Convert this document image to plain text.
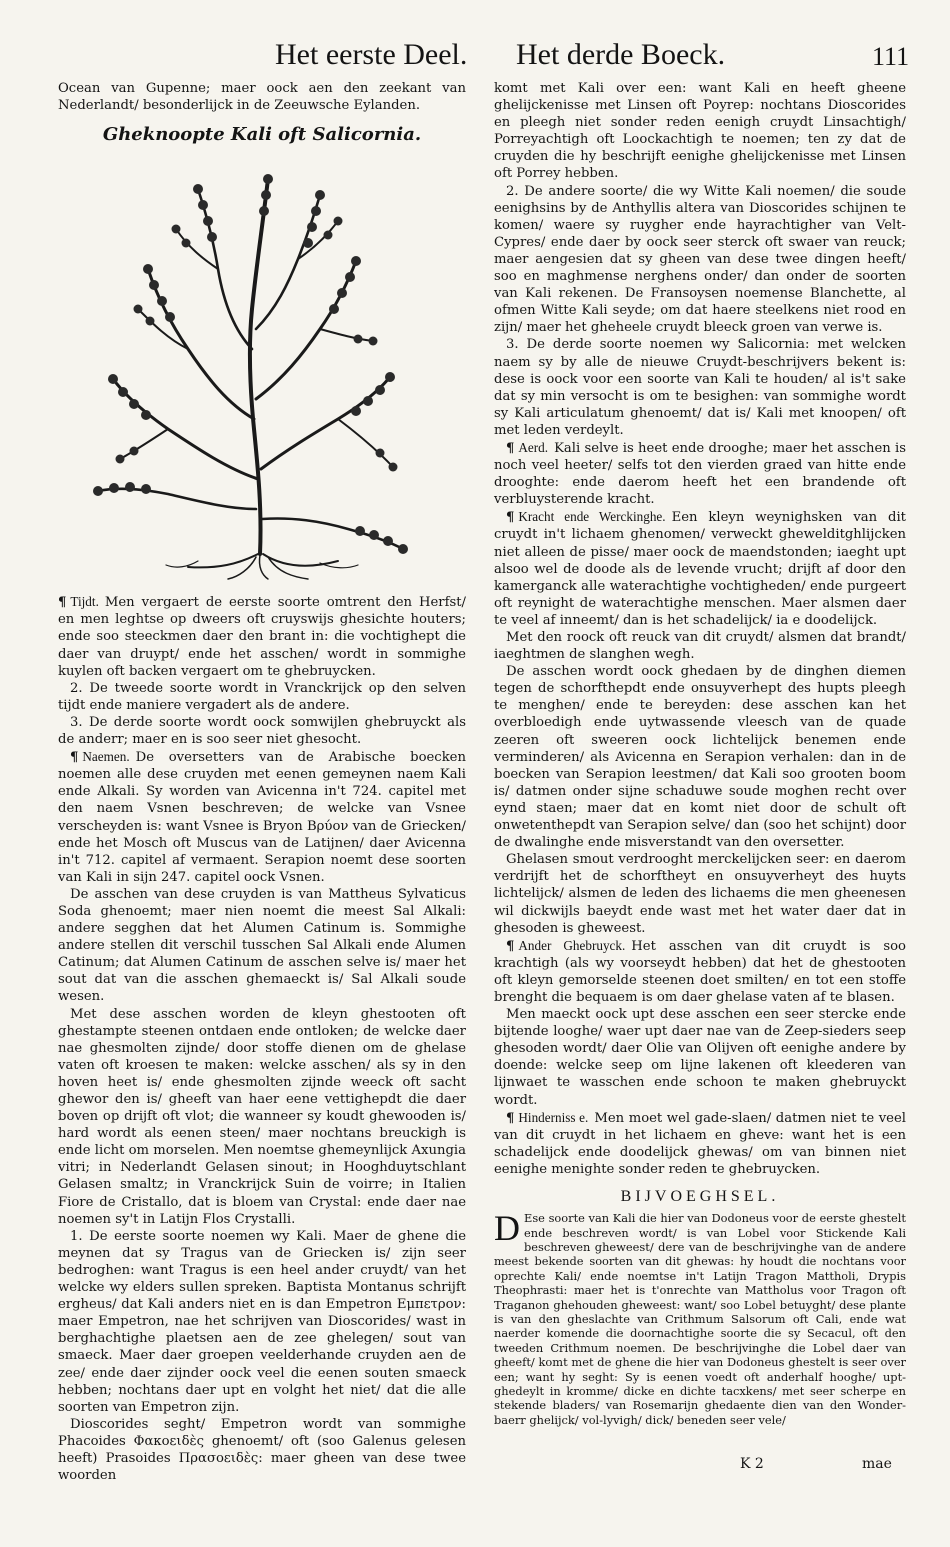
Het eerste Deel. Het derde Boeck.	111

Ocean van Gupenne; maer oock aen den zeekant van Nederlandt/ besonderlijck in de Zeeuwsche Eylanden.

Gheknoopte Kali oft Salicornia.

¶ Tijdt. Men vergaert de eerste soorte omtrent den Herfst/ en men leghtse op dweers oft cruyswijs ghesichte houters; ende soo steeckmen daer den brant in: die vochtighept die daer van druypt/ ende het asschen/ wordt in sommighe kuylen oft backen vergaert om te ghebruycken.

2. De tweede soorte wordt in Vranckrijck op den selven tijdt ende maniere vergadert als de andere.

3. De derde soorte wordt oock somwijlen ghebruyckt als de anderr; maer en is soo seer niet ghesocht.

¶ Naemen. De oversetters van de Arabische boecken noemen alle dese cruyden met eenen gemeynen naem Kali ende Alkali. Sy worden van Avicenna in't 724. capitel met den naem Vsnen beschreven; de welcke van Vsnee verscheyden is: want Vsnee is Bryon Βρύον van de Griecken/ ende het Mosch oft Muscus van de Latijnen/ daer Avicenna in't 712. capitel af vermaent. Serapion noemt dese soorten van Kali in sijn 247. capitel oock Vsnen.

De asschen van dese cruyden is van Mattheus Sylvaticus Soda ghenoemt; maer nien noemt die meest Sal Alkali: andere segghen dat het Alumen Catinum is. Sommighe andere stellen dit verschil tusschen Sal Alkali ende Alumen Catinum; dat Alumen Catinum de asschen selve is/ maer het sout dat van die asschen ghemaeckt is/ Sal Alkali soude wesen.

Met dese asschen worden de kleyn ghestooten oft ghestampte steenen ontdaen ende ontloken; de welcke daer nae ghesmolten zijnde/ door stoffe dienen om de ghelase vaten oft kroesen te maken: welcke asschen/ als sy in den hoven heet is/ ende ghesmolten zijnde weeck oft sacht ghewor den is/ gheeft van haer eene vettighepdt die daer boven op drijft oft vlot; die wanneer sy koudt ghewooden is/ hard wordt als eenen steen/ maer nochtans breuckigh is ende licht om morselen. Men noemtse ghemeynlijck Axungia vitri; in Nederlandt Gelasen sinout; in Hooghduytschlant Gelasen smaltz; in Vranckrijck Suin de voirre; in Italien Fiore de Cristallo, dat is bloem van Crystal: ende daer nae noemen sy't in Latijn Flos Crystalli.

1. De eerste soorte noemen wy Kali. Maer de ghene die meynen dat sy Tragus van de Griecken is/ zijn seer bedroghen: want Tragus is een heel ander cruydt/ van het welcke wy elders sullen spreken. Baptista Montanus schrijft ergheus/ dat Kali anders niet en is dan Empetron Εμπετρον: maer Empetron, nae het schrijven van Dioscorides/ wast in berghachtighe plaetsen aen de zee ghelegen/ sout van smaeck. Maer daer groepen veelderhande cruyden aen de zee/ ende daer zijnder oock veel die eenen souten smaeck hebben; nochtans daer upt en volght het niet/ dat die alle soorten van Empetron zijn.

Dioscorides seght/ Empetron wordt van sommighe Phacoides Φακοειδὲς ghenoemt/ oft (soo Galenus gelesen heeft) Prasoides Πρασοειδὲς: maer gheen van dese twee woorden

komt met Kali over een: want Kali en heeft gheene ghelijckenisse met Linsen oft Poyrep: nochtans Dioscorides en pleegh niet sonder reden eenigh cruydt Linsachtigh/ Porreyachtigh oft Loockachtigh te noemen; ten zy dat de cruyden die hy beschrijft eenighe ghelijckenisse met Linsen oft Porrey hebben.

2. De andere soorte/ die wy Witte Kali noemen/ die soude eenighsins by de Anthyllis altera van Dioscorides schijnen te komen/ waere sy ruygher ende hayrachtigher van Velt-Cypres/ ende daer by oock seer sterck oft swaer van reuck; maer aengesien dat sy gheen van dese twee dingen heeft/ soo en maghmense nerghens onder/ dan onder de soorten van Kali rekenen. De Fransoysen noemense Blanchette, al ofmen Witte Kali seyde; om dat haere steelkens niet rood en zijn/ maer het gheheele cruydt bleeck groen van verwe is.

3. De derde soorte noemen wy Salicornia: met welcken naem sy by alle de nieuwe Cruydt-beschrijvers bekent is: dese is oock voor een soorte van Kali te houden/ al is't sake dat sy min versocht is om te besighen: van sommighe wordt sy Kali articulatum ghenoemt/ dat is/ Kali met knoopen/ oft met leden verdeylt.

¶ Aerd. Kali selve is heet ende drooghe; maer het asschen is noch veel heeter/ selfs tot den vierden graed van hitte ende drooghte: ende daerom heeft het een brandende oft verbluysterende kracht.

¶ Kracht ende Werckinghe. Een kleyn weynighsken van dit cruydt in't lichaem ghenomen/ verweckt ghewelditghlijcken niet alleen de pisse/ maer oock de maendstonden; iaeght upt alsoo wel de doode als de levende vrucht; drijft af door den kamerganck alle waterachtighe vochtigheden/ ende purgeert oft reynight de waterachtighe menschen. Maer alsmen daer te veel af inneemt/ dan is het schadelijck/ ia e doodelijck.

Met den roock oft reuck van dit cruydt/ alsmen dat brandt/ iaeghtmen de slanghen wegh.

De asschen wordt oock ghedaen by de dinghen diemen tegen de schorfthepdt ende onsuyverhept des hupts pleegh te menghen/ ende te bereyden: dese asschen kan het overbloedigh ende uytwassende vleesch van de quade zeeren oft sweeren oock lichtelijck benemen ende verminderen/ als Avicenna en Serapion verhalen: dan in de boecken van Serapion leestmen/ dat Kali soo grooten boom is/ datmen onder sijne schaduwe soude moghen recht over eynd staen; maer dat en komt niet door de schult oft onwetenthepdt van Serapion selve/ dan (soo het schijnt) door de dwalinghe ende misverstandt van den oversetter.

Ghelasen smout verdrooght merckelijcken seer: en daerom verdrijft het de schorftheyt en onsuyverheyt des huyts lichtelijck/ alsmen de leden des lichaems die men gheenesen wil dickwijls baeydt ende wast met het water daer dat in ghesoden is gheweest.

¶ Ander Ghebruyck. Het asschen van dit cruydt is soo krachtigh (als wy voorseydt hebben) dat het de ghestooten oft kleyn gemorselde steenen doet smilten/ en tot een stoffe brenght die bequaem is om daer ghelase vaten af te blasen.

Men maeckt oock upt dese asschen een seer stercke ende bijtende looghe/ waer upt daer nae van de Zeep-sieders seep ghesoden wordt/ daer Olie van Olijven oft eenighe andere by doende: welcke seep om lijne lakenen oft kleederen van lijnwaet te wasschen ende schoon te maken ghebruyckt wordt.

¶ Hinderniss e. Men moet wel gade-slaen/ datmen niet te veel van dit cruydt in het lichaem en gheve: want het is een schadelijck ende doodelijck ghewas/ om van binnen niet eenighe menighte sonder reden te ghebruycken.

BIJVOEGHSEL.
D Ese soorte van Kali die hier van Dodoneus voor de eerste ghestelt ende beschreven wordt/ is van Lobel voor Stickende Kali beschreven gheweest/ dere van de beschrijvinghe van de andere meest bekende soorten van dit ghewas: hy houdt die nochtans voor oprechte Kali/ ende noemtse in't Latijn Tragon Mattholi, Drypis Theophrasti: maer het is t'onrechte van Mattholus voor Tragon oft Traganon ghehouden gheweest: want/ soo Lobel betuyght/ dese plante is van den gheslachte van Crithmum Salsorum oft Cali, ende wat naerder komende die doornachtighe soorte die sy Secacul, oft den tweeden Crithmum noemen. De beschrijvinghe die Lobel daer van gheeft/ komt met de ghene die hier van Dodoneus ghestelt is seer over een; want hy seght: Sy is eenen voedt oft anderhalf hooghe/ upt-ghedeylt in kromme/ dicke en dichte tacxkens/ met seer scherpe en stekende bladers/ van Rosemarijn ghedaente dien van den Wonder-baerr ghelijck/ vol-lyvigh/ dick/ beneden seer vele/
K 2	mae
